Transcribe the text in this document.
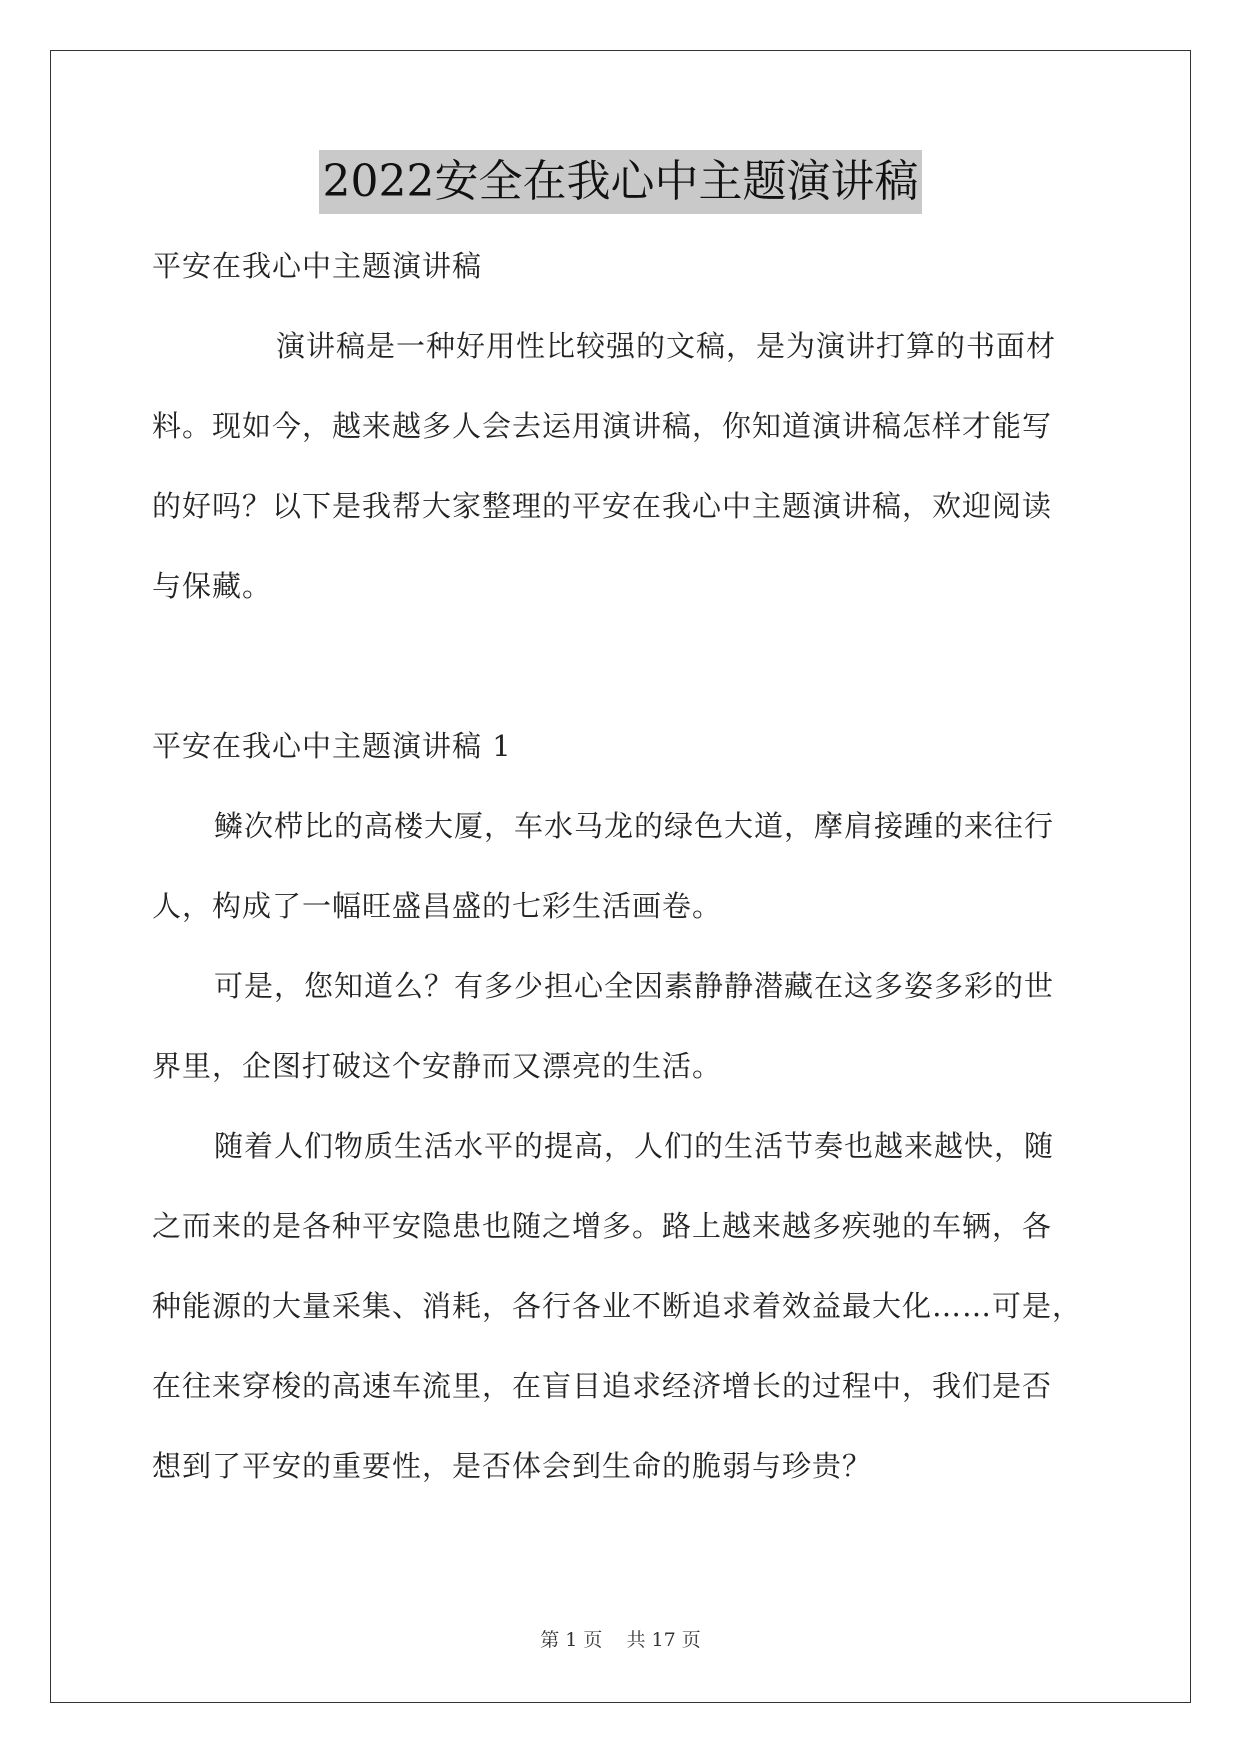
2022安全在我心中主题演讲稿
平安在我心中主题演讲稿
演讲稿是一种好用性比较强的文稿，是为演讲打算的书面材
料。现如今，越来越多人会去运用演讲稿，你知道演讲稿怎样才能写
的好吗？以下是我帮大家整理的平安在我心中主题演讲稿，欢迎阅读
与保藏。
平安在我心中主题演讲稿 1
鳞次栉比的高楼大厦，车水马龙的绿色大道，摩肩接踵的来往行
人，构成了一幅旺盛昌盛的七彩生活画卷。
可是，您知道么？有多少担心全因素静静潜藏在这多姿多彩的世
界里，企图打破这个安静而又漂亮的生活。
随着人们物质生活水平的提高，人们的生活节奏也越来越快，随
之而来的是各种平安隐患也随之增多。路上越来越多疾驰的车辆，各
种能源的大量采集、消耗，各行各业不断追求着效益最大化……可是，
在往来穿梭的高速车流里，在盲目追求经济增长的过程中，我们是否
想到了平安的重要性，是否体会到生命的脆弱与珍贵？
第 1 页 共 17 页
